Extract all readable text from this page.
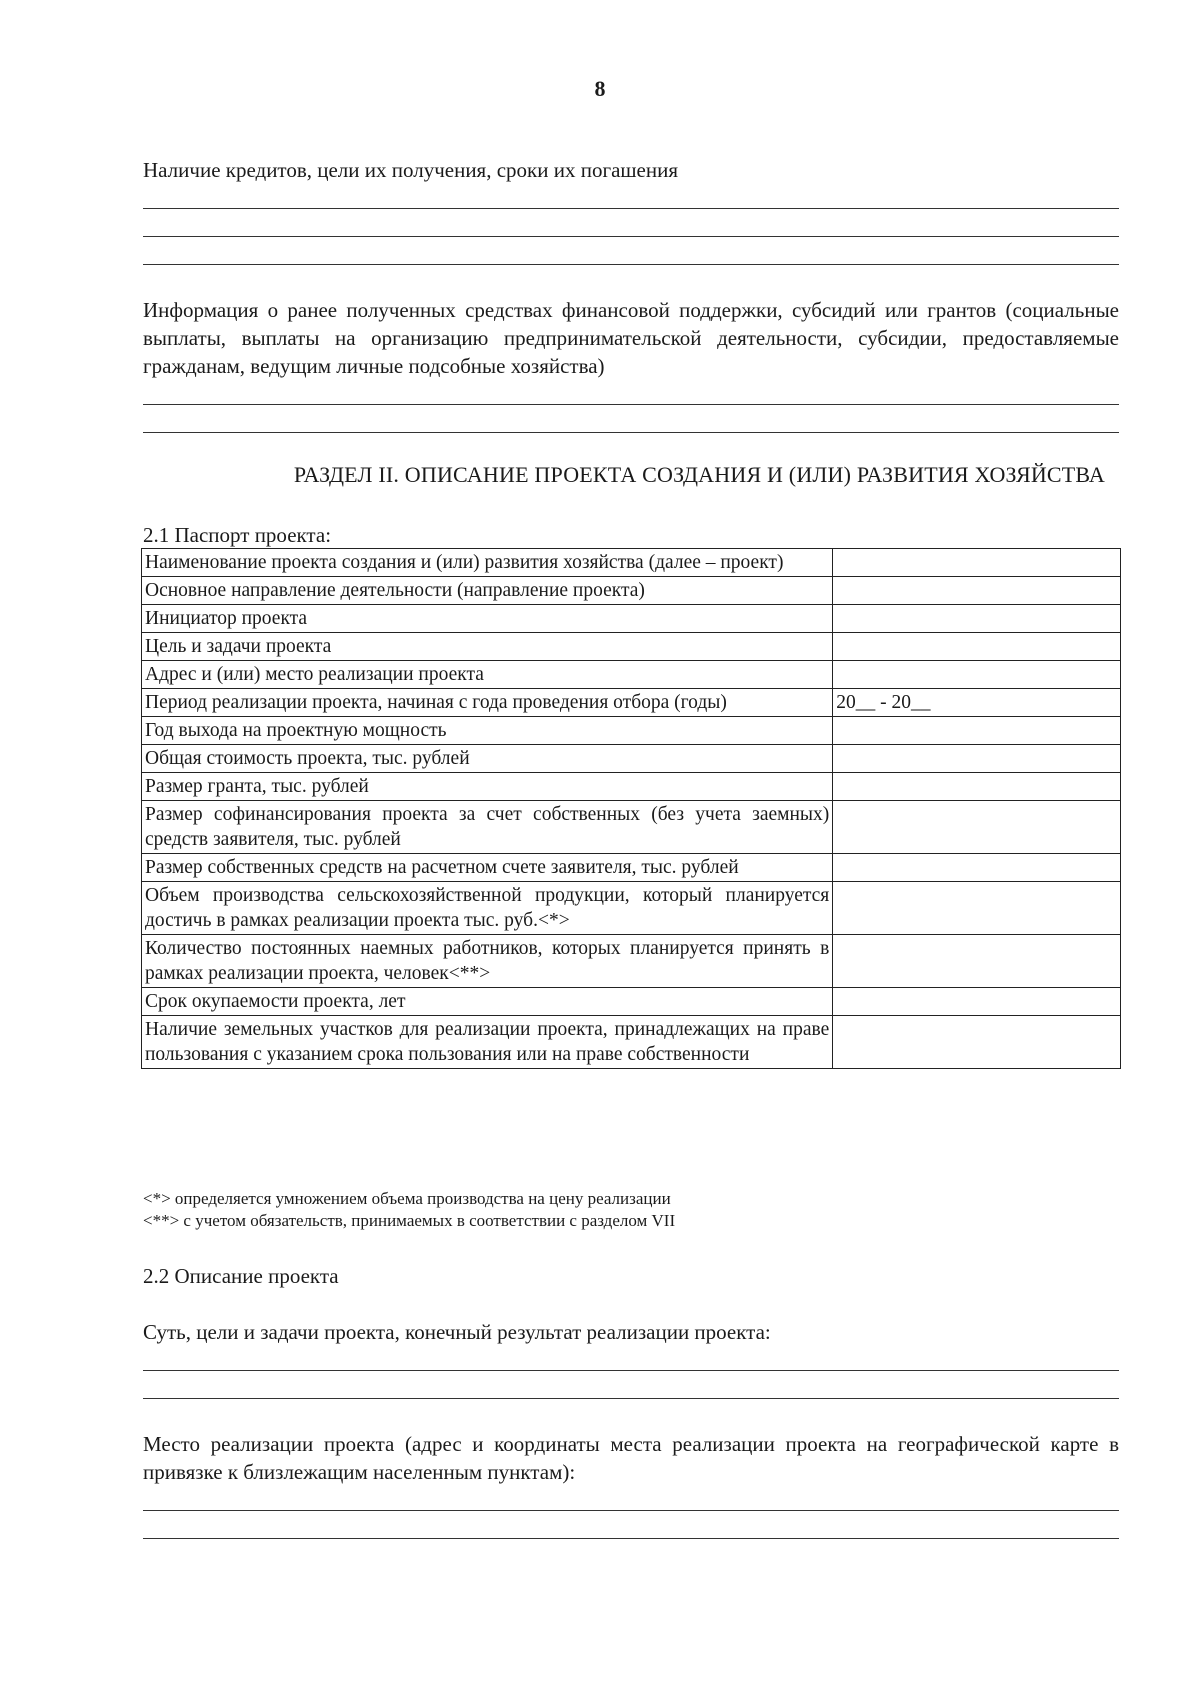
8
Наличие кредитов, цели их получения, сроки их погашения
Информация о ранее полученных средствах финансовой поддержки, субсидий или грантов (социальные выплаты, выплаты на организацию предпринимательской деятельности, субсидии, предоставляемые гражданам, ведущим личные подсобные хозяйства)
РАЗДЕЛ II. ОПИСАНИЕ ПРОЕКТА СОЗДАНИЯ И (ИЛИ) РАЗВИТИЯ ХОЗЯЙСТВА
2.1 Паспорт проекта:
Наименование проекта создания и (или) развития хозяйства (далее – проект)	
Основное направление деятельности (направление проекта)	
Инициатор проекта	
Цель и задачи проекта	
Адрес и (или) место реализации проекта	
Период реализации проекта, начиная с года проведения отбора (годы)	20__ - 20__
Год выхода на проектную мощность	
Общая стоимость проекта, тыс. рублей	
Размер гранта, тыс. рублей	
Размер софинансирования проекта за счет собственных (без учета заемных) средств заявителя, тыс. рублей	
Размер собственных средств на расчетном счете заявителя, тыс. рублей	
Объем производства сельскохозяйственной продукции, который планируется достичь в рамках реализации проекта тыс. руб.<*>	
Количество постоянных наемных работников, которых планируется принять в рамках реализации проекта, человек<**>	
Срок окупаемости проекта, лет	
Наличие земельных участков для реализации проекта, принадлежащих на праве пользования с указанием срока пользования или на праве собственности	
<*> определяется умножением объема производства на цену реализации
<**> с учетом обязательств, принимаемых в соответствии с разделом VII
2.2 Описание проекта
Суть, цели и задачи проекта, конечный результат реализации проекта:
Место реализации проекта (адрес и координаты места реализации проекта на географической карте в привязке к близлежащим населенным пунктам):
